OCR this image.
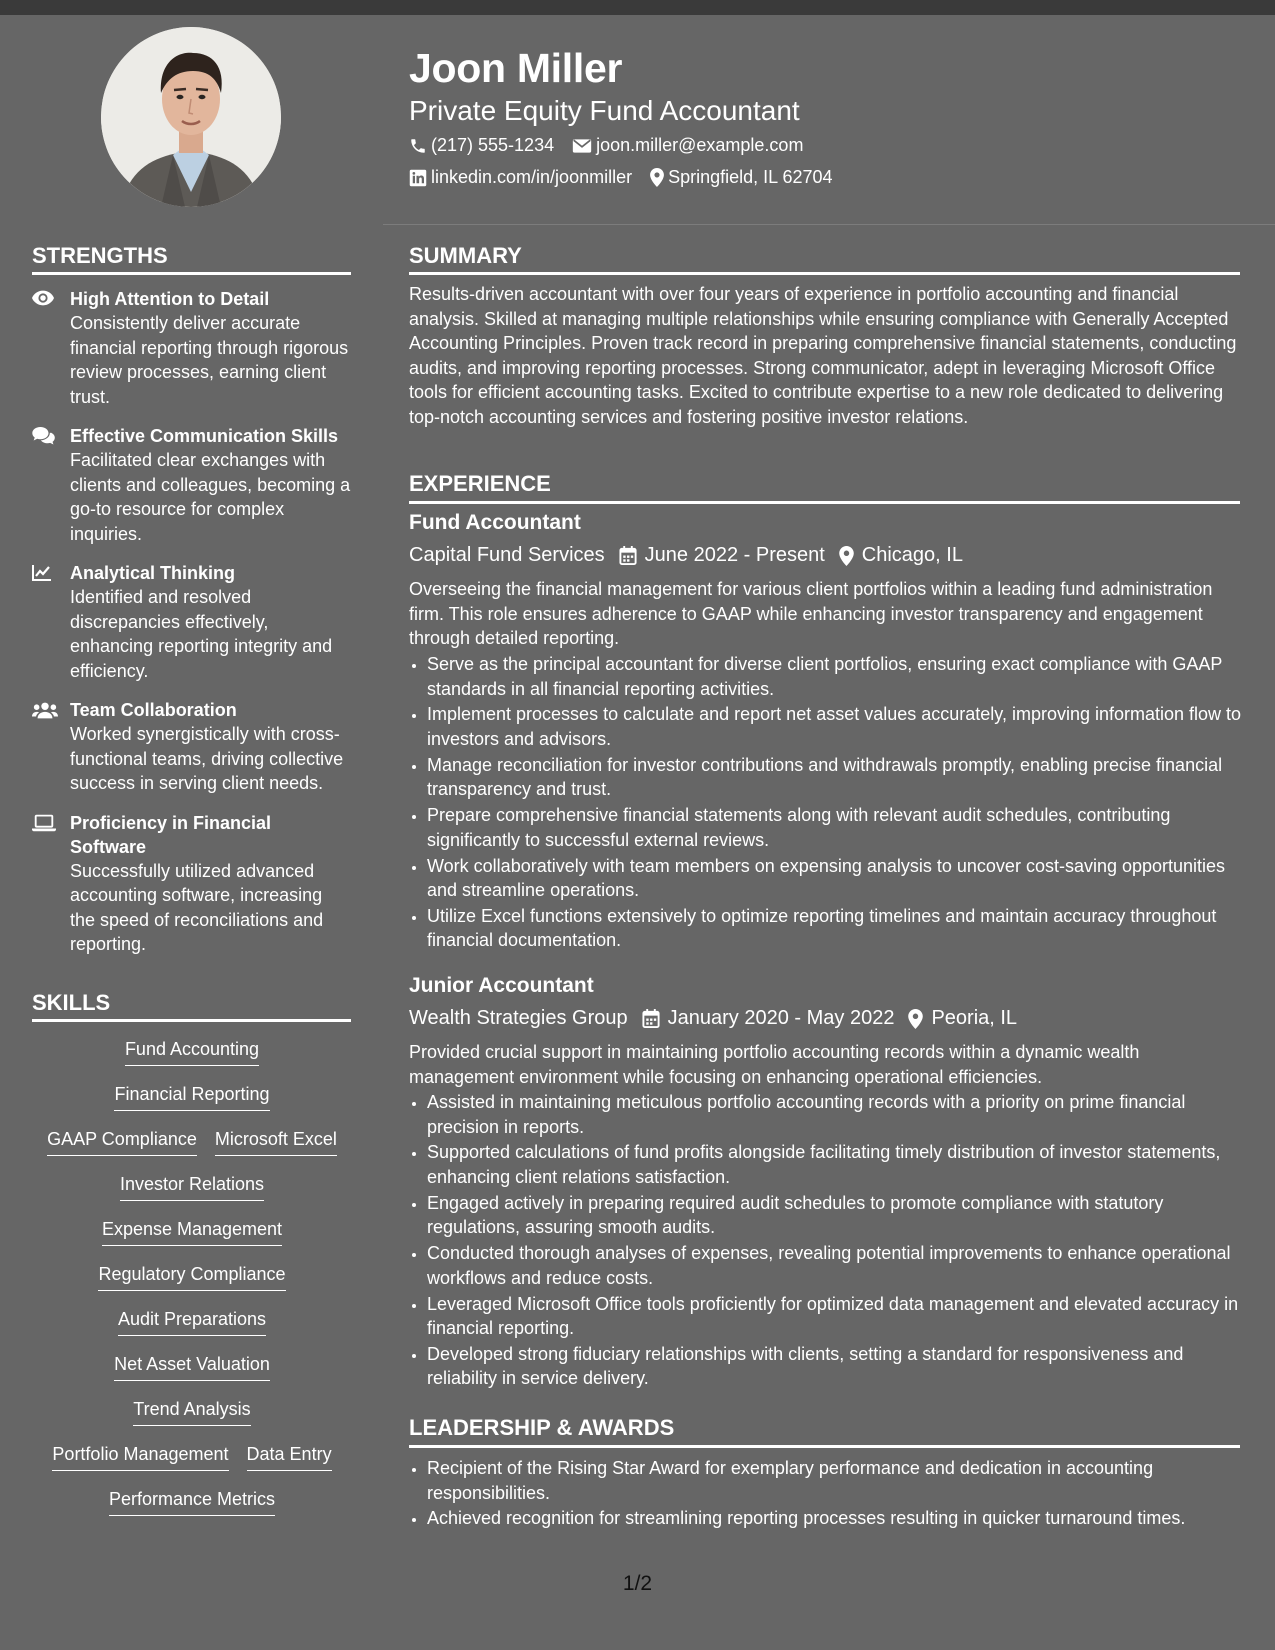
Joon Miller
Private Equity Fund Accountant
(217) 555-1234 joon.miller@example.com
linkedin.com/in/joonmiller Springfield, IL 62704
STRENGTHS
High Attention to Detail
Consistently deliver accurate financial reporting through rigorous review processes, earning client trust.
Effective Communication Skills
Facilitated clear exchanges with clients and colleagues, becoming a go-to resource for complex inquiries.
Analytical Thinking
Identified and resolved discrepancies effectively, enhancing reporting integrity and efficiency.
Team Collaboration
Worked synergistically with cross-functional teams, driving collective success in serving client needs.
Proficiency in Financial Software
Successfully utilized advanced accounting software, increasing the speed of reconciliations and reporting.
SKILLS
Fund Accounting
Financial Reporting
GAAP Compliance Microsoft Excel
Investor Relations
Expense Management
Regulatory Compliance
Audit Preparations
Net Asset Valuation
Trend Analysis
Portfolio Management Data Entry
Performance Metrics
SUMMARY
Results-driven accountant with over four years of experience in portfolio accounting and financial analysis. Skilled at managing multiple relationships while ensuring compliance with Generally Accepted Accounting Principles. Proven track record in preparing comprehensive financial statements, conducting audits, and improving reporting processes. Strong communicator, adept in leveraging Microsoft Office tools for efficient accounting tasks. Excited to contribute expertise to a new role dedicated to delivering top-notch accounting services and fostering positive investor relations.
EXPERIENCE
Fund Accountant
Capital Fund Services June 2022 - Present Chicago, IL
Overseeing the financial management for various client portfolios within a leading fund administration firm. This role ensures adherence to GAAP while enhancing investor transparency and engagement through detailed reporting.
• Serve as the principal accountant for diverse client portfolios, ensuring exact compliance with GAAP standards in all financial reporting activities.
• Implement processes to calculate and report net asset values accurately, improving information flow to investors and advisors.
• Manage reconciliation for investor contributions and withdrawals promptly, enabling precise financial transparency and trust.
• Prepare comprehensive financial statements along with relevant audit schedules, contributing significantly to successful external reviews.
• Work collaboratively with team members on expensing analysis to uncover cost-saving opportunities and streamline operations.
• Utilize Excel functions extensively to optimize reporting timelines and maintain accuracy throughout financial documentation.
Junior Accountant
Wealth Strategies Group January 2020 - May 2022 Peoria, IL
Provided crucial support in maintaining portfolio accounting records within a dynamic wealth management environment while focusing on enhancing operational efficiencies.
• Assisted in maintaining meticulous portfolio accounting records with a priority on prime financial precision in reports.
• Supported calculations of fund profits alongside facilitating timely distribution of investor statements, enhancing client relations satisfaction.
• Engaged actively in preparing required audit schedules to promote compliance with statutory regulations, assuring smooth audits.
• Conducted thorough analyses of expenses, revealing potential improvements to enhance operational workflows and reduce costs.
• Leveraged Microsoft Office tools proficiently for optimized data management and elevated accuracy in financial reporting.
• Developed strong fiduciary relationships with clients, setting a standard for responsiveness and reliability in service delivery.
LEADERSHIP & AWARDS
• Recipient of the Rising Star Award for exemplary performance and dedication in accounting responsibilities.
• Achieved recognition for streamlining reporting processes resulting in quicker turnaround times.
1/2
